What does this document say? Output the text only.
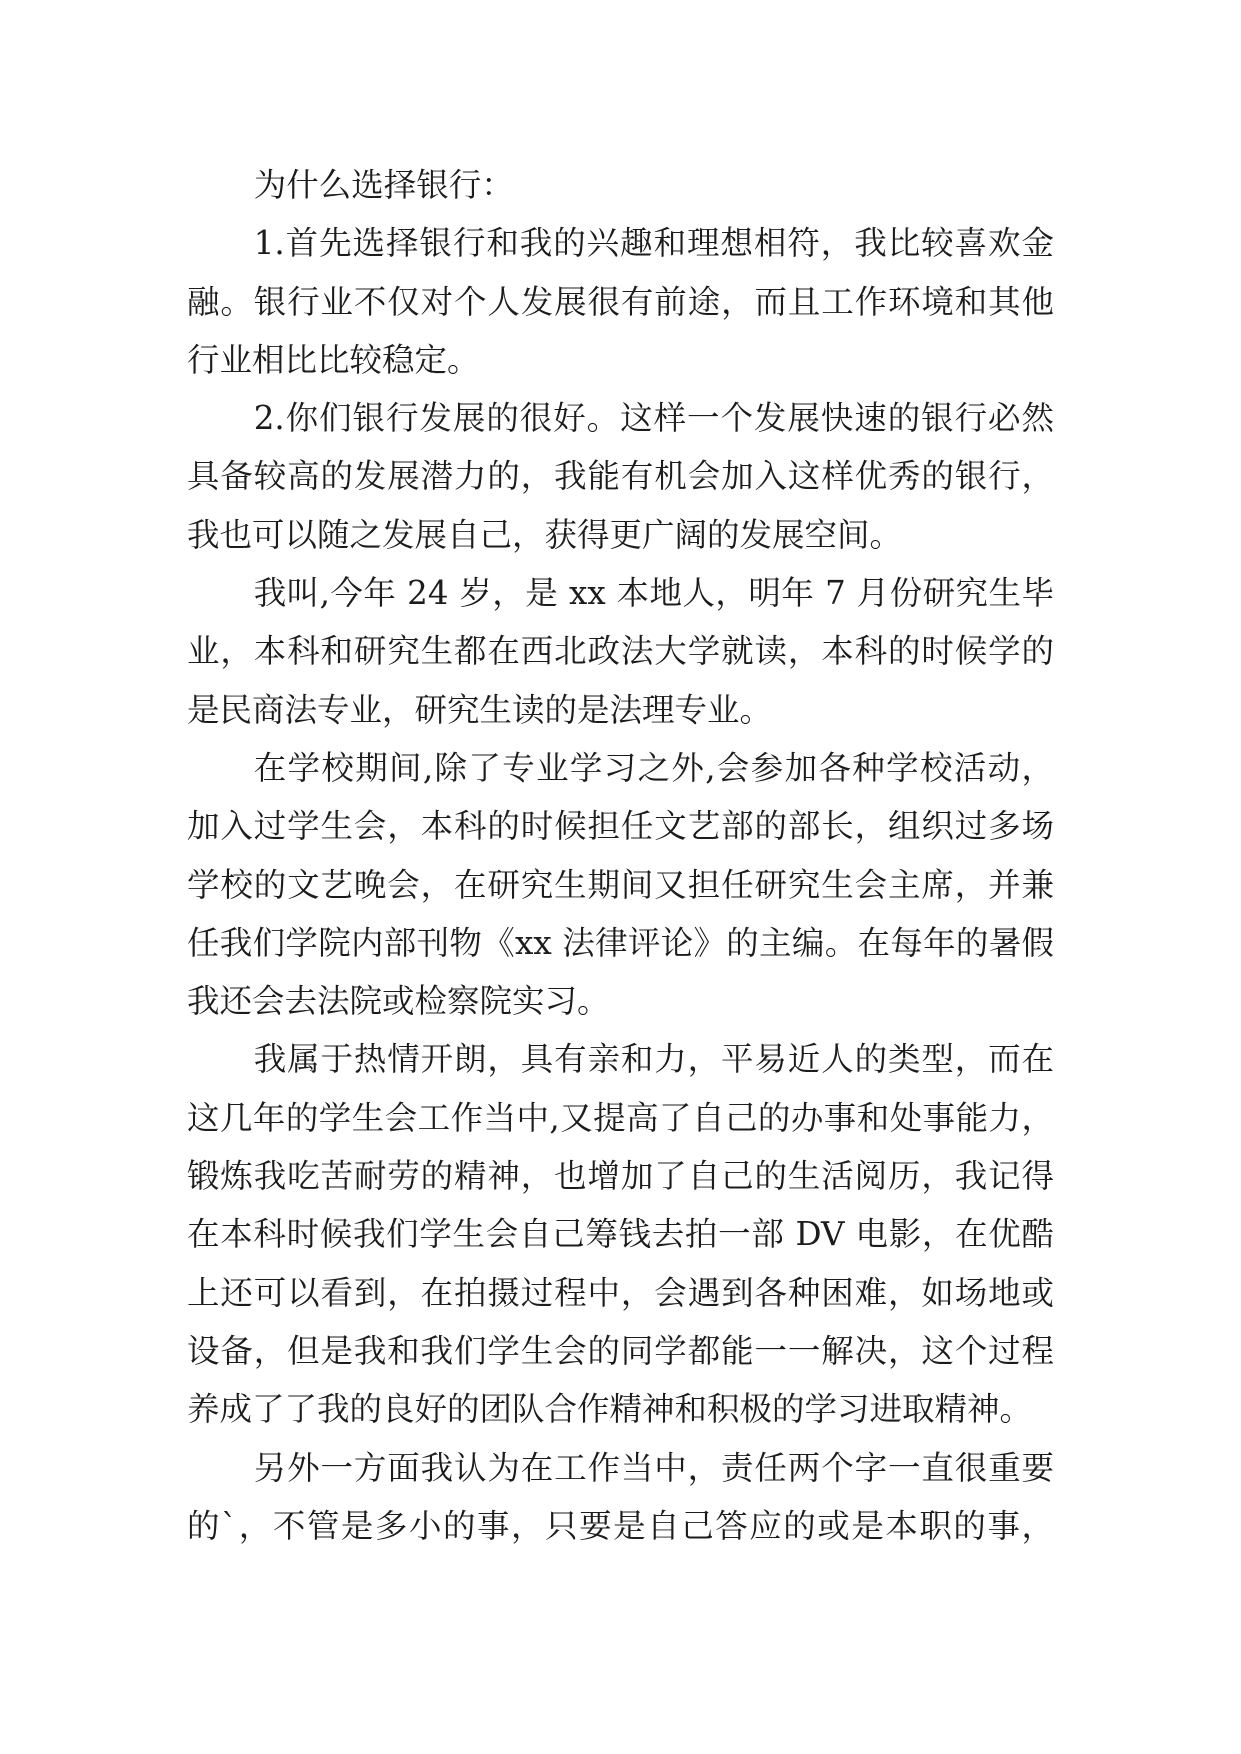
为什么选择银行：

1.首先选择银行和我的兴趣和理想相符，我比较喜欢金
融。银行业不仅对个人发展很有前途，而且工作环境和其他
行业相比比较稳定。

2.你们银行发展的很好。这样一个发展快速的银行必然
具备较高的发展潜力的，我能有机会加入这样优秀的银行，
我也可以随之发展自己，获得更广阔的发展空间。

我叫,今年 24 岁，是 xx 本地人，明年 7 月份研究生毕
业，本科和研究生都在西北政法大学就读，本科的时候学的
是民商法专业，研究生读的是法理专业。

在学校期间,除了专业学习之外,会参加各种学校活动，
加入过学生会，本科的时候担任文艺部的部长，组织过多场
学校的文艺晚会，在研究生期间又担任研究生会主席，并兼
任我们学院内部刊物《xx 法律评论》的主编。在每年的暑假
我还会去法院或检察院实习。

我属于热情开朗，具有亲和力，平易近人的类型，而在
这几年的学生会工作当中,又提高了自己的办事和处事能力，
锻炼我吃苦耐劳的精神，也增加了自己的生活阅历，我记得
在本科时候我们学生会自己筹钱去拍一部 DV 电影，在优酷
上还可以看到，在拍摄过程中，会遇到各种困难，如场地或
设备，但是我和我们学生会的同学都能一一解决，这个过程
养成了了我的良好的团队合作精神和积极的学习进取精神。

另外一方面我认为在工作当中，责任两个字一直很重要
的`，不管是多小的事，只要是自己答应的或是本职的事，
